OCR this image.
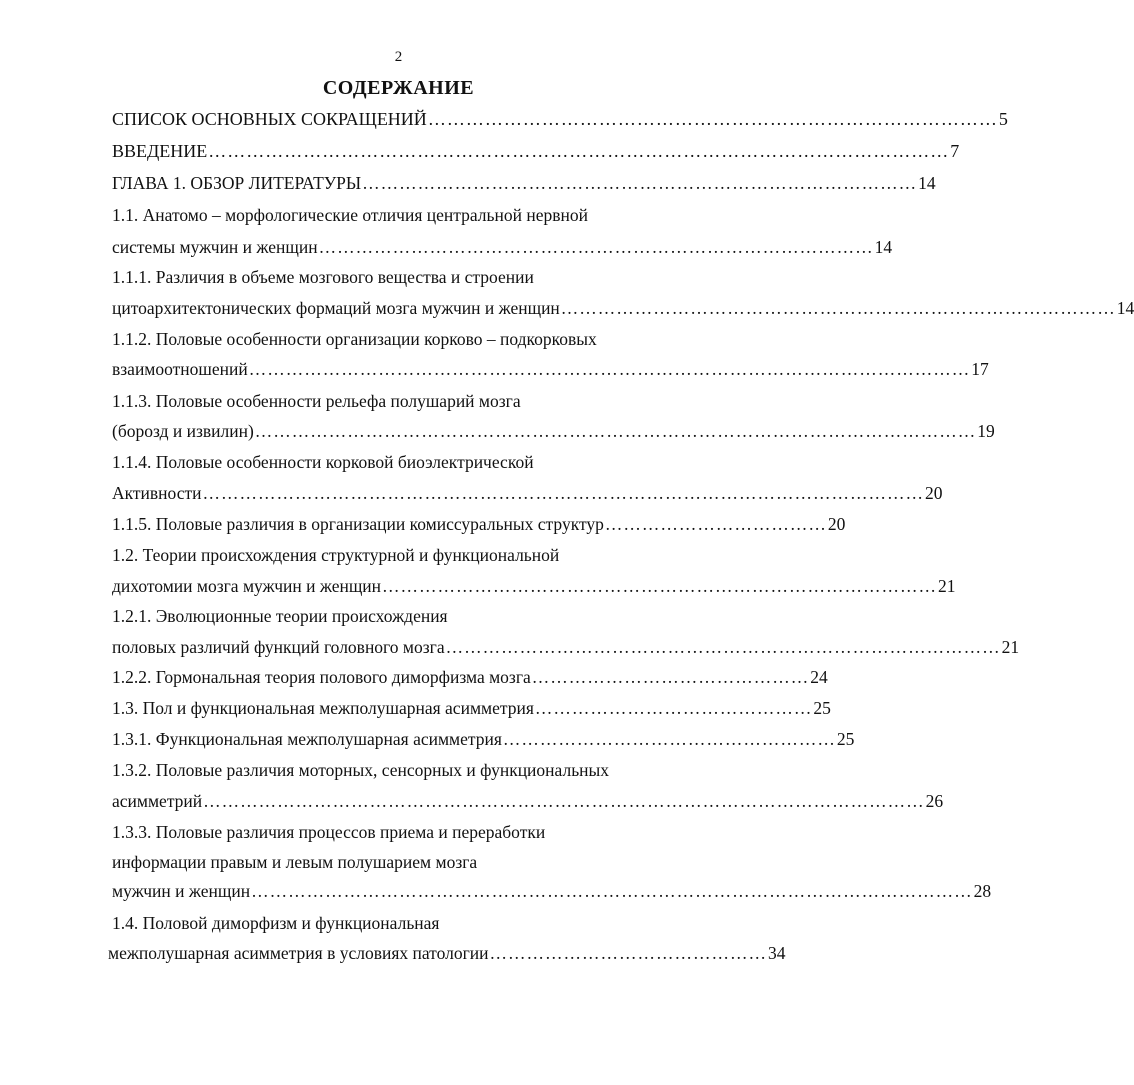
2
СОДЕРЖАНИЕ
СПИСОК ОСНОВНЫХ СОКРАЩЕНИЙ ……………………………………………………………………………… 5
ВВЕДЕНИЕ ……………………………………………………………………………………………………… 7
ГЛАВА 1. ОБЗОР ЛИТЕРАТУРЫ ……………………………………………………………………………… 14
1.1. Анатомо – морфологические отличия центральной нервной
системы мужчин и женщин ……………………………………………………………………………… 14
1.1.1. Различия в объеме мозгового вещества и строении
цитоархитектонических формаций мозга мужчин и женщин ……………………………………………………………………………… 14
1.1.2. Половые особенности организации корково – подкорковых
взаимоотношений ……………………………………………………………………………………………………… 17
1.1.3. Половые особенности рельефа полушарий мозга
(борозд и извилин) ……………………………………………………………………………………………………… 19
1.1.4. Половые особенности корковой биоэлектрической
Активности ……………………………………………………………………………………………………… 20
1.1.5. Половые различия в организации комиссуральных структур ……………………………… 20
1.2. Теории происхождения структурной и функциональной
дихотомии мозга мужчин и женщин ……………………………………………………………………………… 21
1.2.1. Эволюционные теории происхождения
половых различий функций головного мозга ……………………………………………………………………………… 21
1.2.2. Гормональная теория полового диморфизма мозга ……………………………………… 24
1.3. Пол и функциональная межполушарная асимметрия ……………………………………… 25
1.3.1. Функциональная межполушарная асимметрия ……………………………………………… 25
1.3.2. Половые различия моторных, сенсорных и функциональных
асимметрий ……………………………………………………………………………………………………… 26
1.3.3. Половые различия процессов приема и переработки
информации правым и левым полушарием мозга
мужчин и женщин ……………………………………………………………………………………………………… 28
1.4. Половой диморфизм и функциональная
межполушарная асимметрия в условиях патологии ……………………………………… 34
